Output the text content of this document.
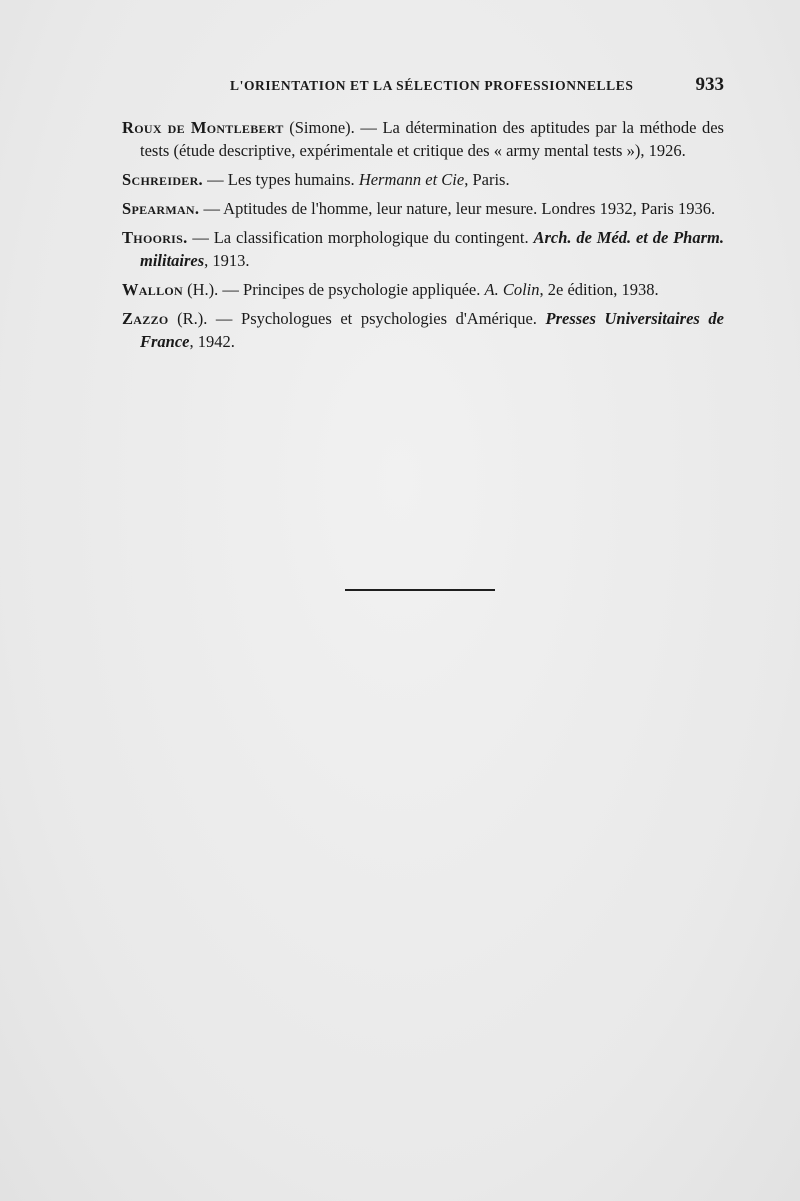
L'ORIENTATION ET LA SÉLECTION PROFESSIONNELLES	933

Roux de Montlebert (Simone). — La détermination des aptitudes par la méthode des tests (étude descriptive, expérimentale et critique des « army mental tests »), 1926.

Schreider. — Les types humains. Hermann et Cie, Paris.

Spearman. — Aptitudes de l'homme, leur nature, leur mesure. Londres 1932, Paris 1936.

Thooris. — La classification morphologique du contingent. Arch. de Méd. et de Pharm. militaires, 1913.

Wallon (H.). — Principes de psychologie appliquée. A. Colin, 2e édition, 1938.

Zazzo (R.). — Psychologues et psychologies d'Amérique. Presses Universitaires de France, 1942.
